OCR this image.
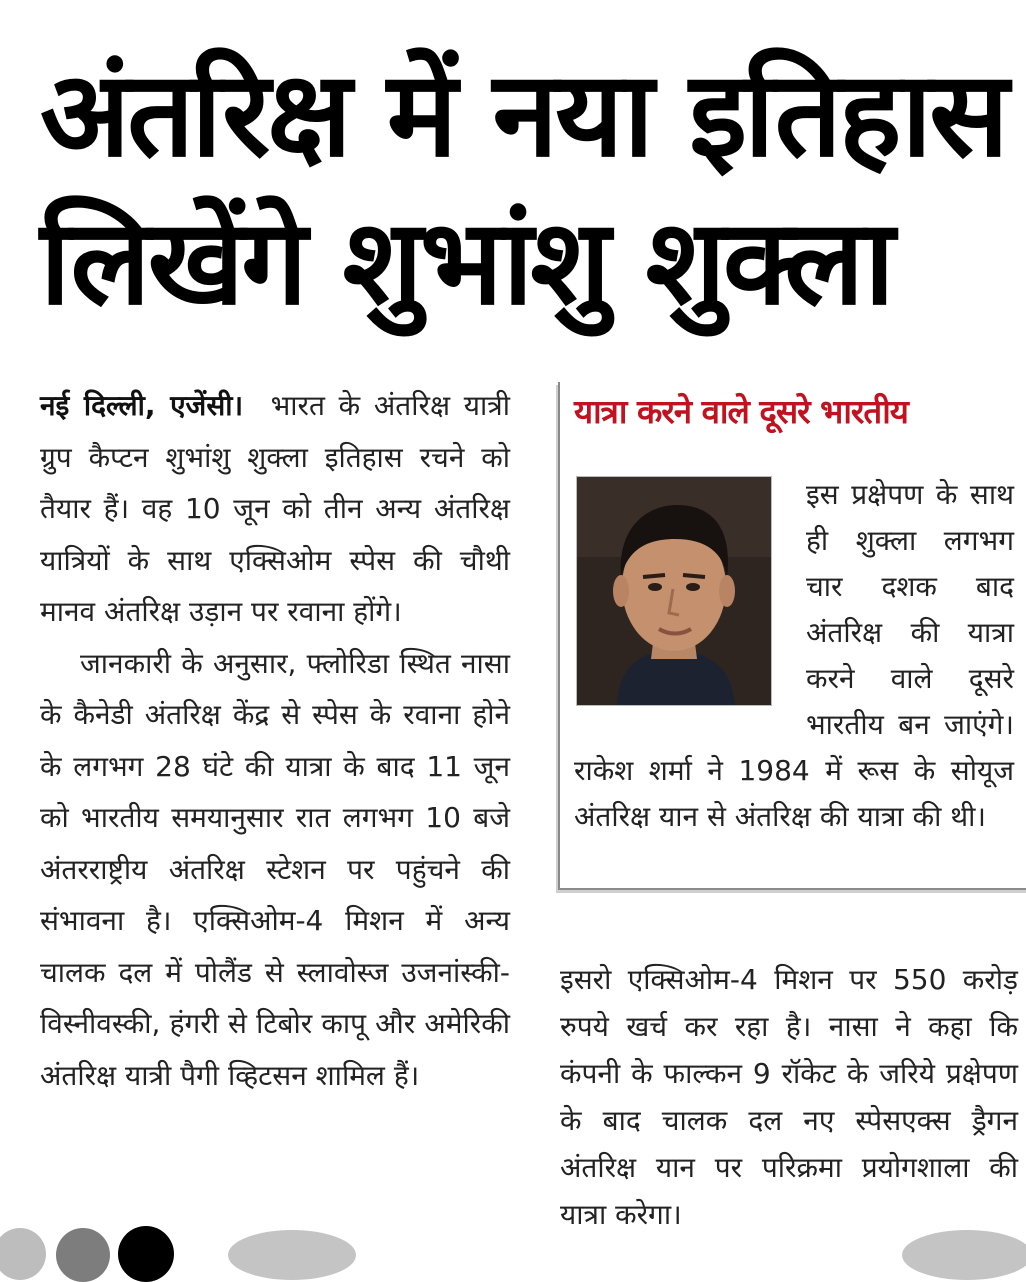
अंतरिक्ष में नया इतिहास
लिखेंगे शुभांशु शुक्ला

नई दिल्ली, एजेंसी। भारत के अंतरिक्ष यात्री ग्रुप कैप्टन शुभांशु शुक्ला इतिहास रचने को तैयार हैं। वह 10 जून को तीन अन्य अंतरिक्ष यात्रियों के साथ एक्सिओम स्पेस की चौथी मानव अंतरिक्ष उड़ान पर रवाना होंगे।

जानकारी के अनुसार, फ्लोरिडा स्थित नासा के कैनेडी अंतरिक्ष केंद्र से स्पेस के रवाना होने के लगभग 28 घंटे की यात्रा के बाद 11 जून को भारतीय समयानुसार रात लगभग 10 बजे अंतरराष्ट्रीय अंतरिक्ष स्टेशन पर पहुंचने की संभावना है। एक्सिओम-4 मिशन में अन्य चालक दल में पोलैंड से स्लावोस्ज उजनांस्की-विस्नीवस्की, हंगरी से टिबोर कापू और अमेरिकी अंतरिक्ष यात्री पैगी व्हिटसन शामिल हैं।

यात्रा करने वाले दूसरे भारतीय
इस प्रक्षेपण के साथ ही शुक्ला लगभग चार दशक बाद अंतरिक्ष की यात्रा करने वाले दूसरे भारतीय बन जाएंगे। राकेश शर्मा ने 1984 में रूस के सोयूज अंतरिक्ष यान से अंतरिक्ष की यात्रा की थी।

इसरो एक्सिओम-4 मिशन पर 550 करोड़ रुपये खर्च कर रहा है। नासा ने कहा कि कंपनी के फाल्कन 9 रॉकेट के जरिये प्रक्षेपण के बाद चालक दल नए स्पेसएक्स ड्रैगन अंतरिक्ष यान पर परिक्रमा प्रयोगशाला की यात्रा करेगा।
